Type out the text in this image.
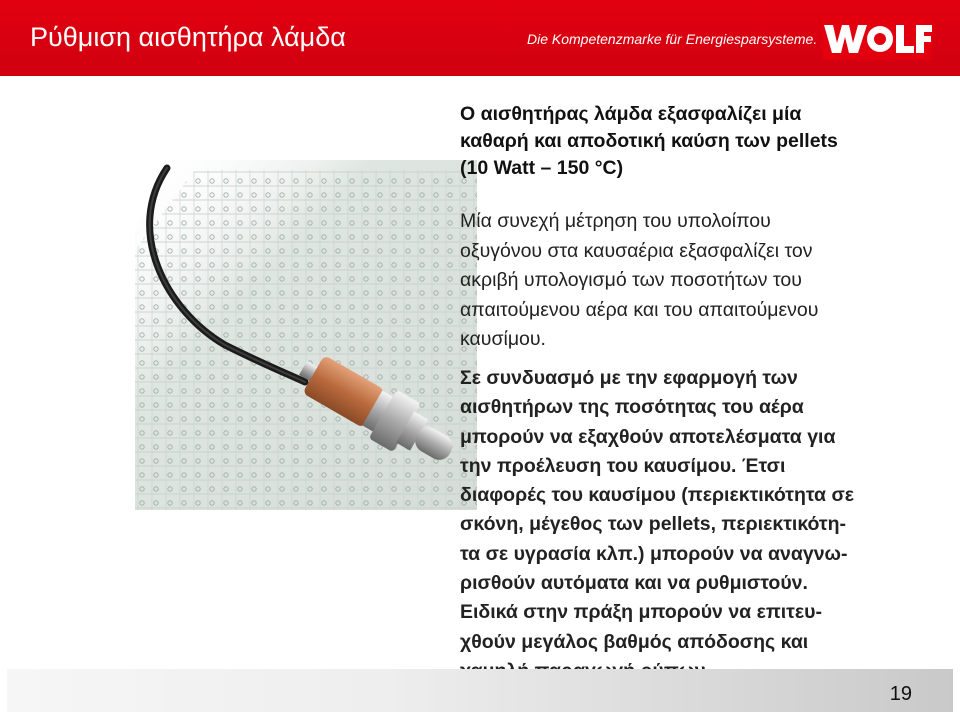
Ρύθμιση αισθητήρα λάμδα	Die Kompetenzmarke für Energiesparsysteme.
Ο αισθητήρας λάμδα εξασφαλίζει μία
καθαρή και αποδοτική καύση των pellets
(10 Watt – 150 °C)
Μία συνεχή μέτρηση του υπολοίπου
οξυγόνου στα καυσαέρια εξασφαλίζει τον
ακριβή υπολογισμό των ποσοτήτων του
απαιτούμενου αέρα και του απαιτούμενου
καυσίμου.
Σε συνδυασμό με την εφαρμογή των
αισθητήρων της ποσότητας του αέρα
μπορούν να εξαχθούν αποτελέσματα για
την προέλευση του καυσίμου. Έτσι
διαφορές του καυσίμου (περιεκτικότητα σε
σκόνη, μέγεθος των pellets, περιεκτικότη-
τα σε υγρασία κλπ.) μπορούν να αναγνω-
ρισθούν αυτόματα και να ρυθμιστούν.
Ειδικά στην πράξη μπορούν να επιτευ-
χθούν μεγάλος βαθμός απόδοσης και
19
